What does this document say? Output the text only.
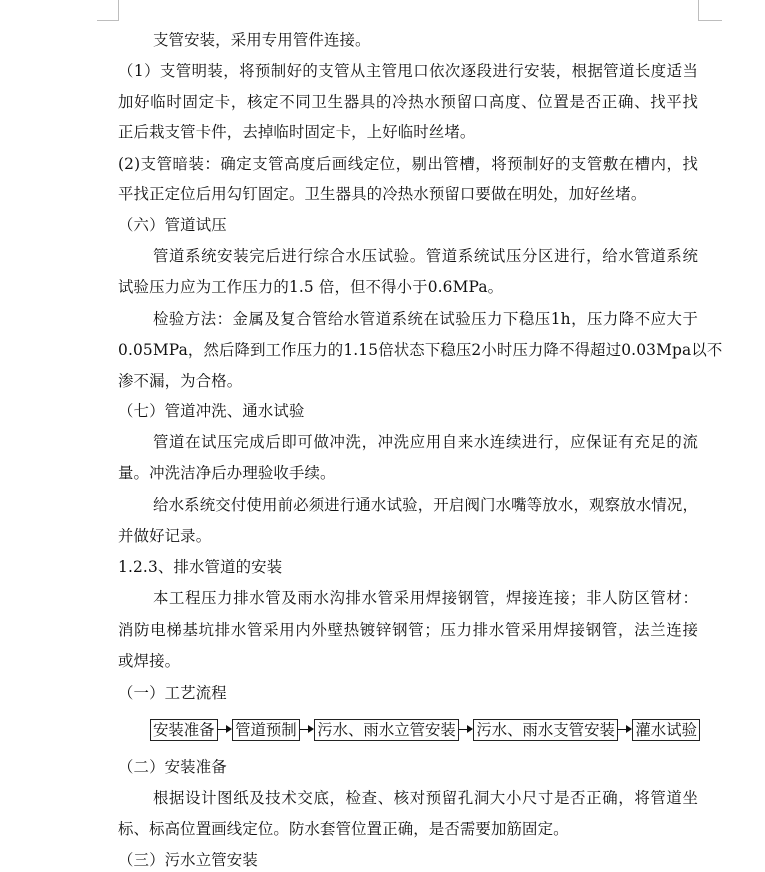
支管安装，采用专用管件连接。
（1）支管明装，将预制好的支管从主管甩口依次逐段进行安装，根据管道长度适当
加好临时固定卡，核定不同卫生器具的冷热水预留口高度、位置是否正确、找平找
正后栽支管卡件，去掉临时固定卡，上好临时丝堵。
(2)支管暗装：确定支管高度后画线定位，剔出管槽，将预制好的支管敷在槽内，找
平找正定位后用勾钉固定。卫生器具的冷热水预留口要做在明处，加好丝堵。
（六）管道试压
管道系统安装完后进行综合水压试验。管道系统试压分区进行，给水管道系统
试验压力应为工作压力的1.5 倍，但不得小于0.6MPa。
检验方法：金属及复合管给水管道系统在试验压力下稳压1h，压力降不应大于
0.05MPa，然后降到工作压力的1.15倍状态下稳压2小时压力降不得超过0.03Mpa以不
渗不漏，为合格。
（七）管道冲洗、通水试验
管道在试压完成后即可做冲洗，冲洗应用自来水连续进行，应保证有充足的流
量。冲洗洁净后办理验收手续。
给水系统交付使用前必须进行通水试验，开启阀门水嘴等放水，观察放水情况，
并做好记录。
1.2.3、排水管道的安装
本工程压力排水管及雨水沟排水管采用焊接钢管，焊接连接；非人防区管材：
消防电梯基坑排水管采用内外壁热镀锌钢管；压力排水管采用焊接钢管，法兰连接
或焊接。
（一）工艺流程
安装准备 管道预制 污水、雨水立管安装 污水、雨水支管安装 灌水试验
（二）安装准备
根据设计图纸及技术交底，检查、核对预留孔洞大小尺寸是否正确，将管道坐
标、标高位置画线定位。防水套管位置正确，是否需要加筋固定。
（三）污水立管安装
